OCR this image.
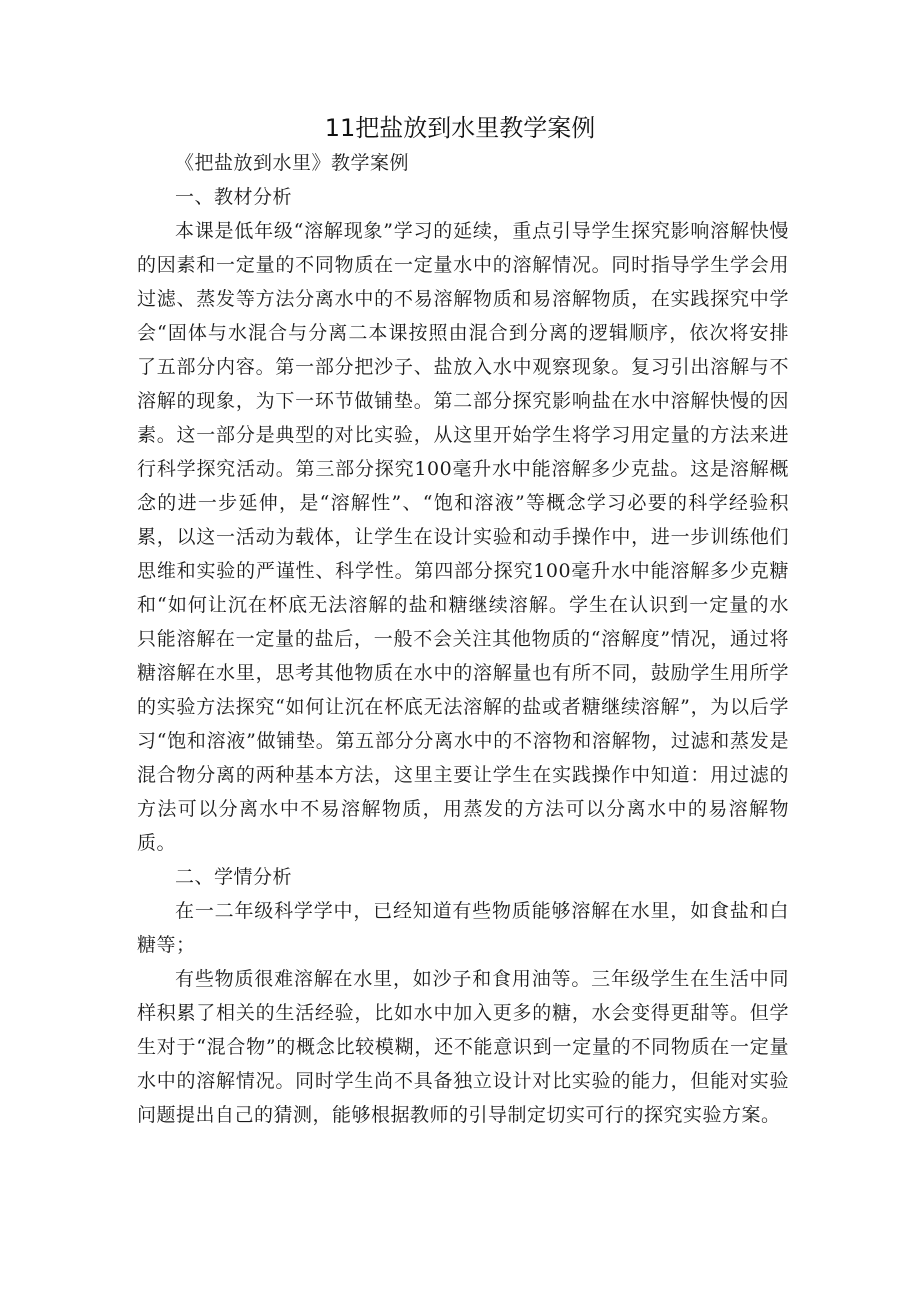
11把盐放到水里教学案例

《把盐放到水里》教学案例

一、教材分析

本课是低年级“溶解现象”学习的延续，重点引导学生探究影响溶解快慢的因素和一定量的不同物质在一定量水中的溶解情况。同时指导学生学会用过滤、蒸发等方法分离水中的不易溶解物质和易溶解物质，在实践探究中学会“固体与水混合与分离二本课按照由混合到分离的逻辑顺序，依次将安排了五部分内容。第一部分把沙子、盐放入水中观察现象。复习引出溶解与不溶解的现象，为下一环节做铺垫。第二部分探究影响盐在水中溶解快慢的因素。这一部分是典型的对比实验，从这里开始学生将学习用定量的方法来进行科学探究活动。第三部分探究100毫升水中能溶解多少克盐。这是溶解概念的进一步延伸，是“溶解性”、“饱和溶液”等概念学习必要的科学经验积累，以这一活动为载体，让学生在设计实验和动手操作中，进一步训练他们思维和实验的严谨性、科学性。第四部分探究100毫升水中能溶解多少克糖和“如何让沉在杯底无法溶解的盐和糖继续溶解。学生在认识到一定量的水只能溶解在一定量的盐后，一般不会关注其他物质的“溶解度”情况，通过将糖溶解在水里，思考其他物质在水中的溶解量也有所不同，鼓励学生用所学的实验方法探究“如何让沉在杯底无法溶解的盐或者糖继续溶解”，为以后学习“饱和溶液”做铺垫。第五部分分离水中的不溶物和溶解物，过滤和蒸发是混合物分离的两种基本方法，这里主要让学生在实践操作中知道：用过滤的方法可以分离水中不易溶解物质，用蒸发的方法可以分离水中的易溶解物质。

二、学情分析

在一二年级科学学中，已经知道有些物质能够溶解在水里，如食盐和白糖等；

有些物质很难溶解在水里，如沙子和食用油等。三年级学生在生活中同样积累了相关的生活经验，比如水中加入更多的糖，水会变得更甜等。但学生对于“混合物”的概念比较模糊，还不能意识到一定量的不同物质在一定量水中的溶解情况。同时学生尚不具备独立设计对比实验的能力，但能对实验问题提出自己的猜测，能够根据教师的引导制定切实可行的探究实验方案。
